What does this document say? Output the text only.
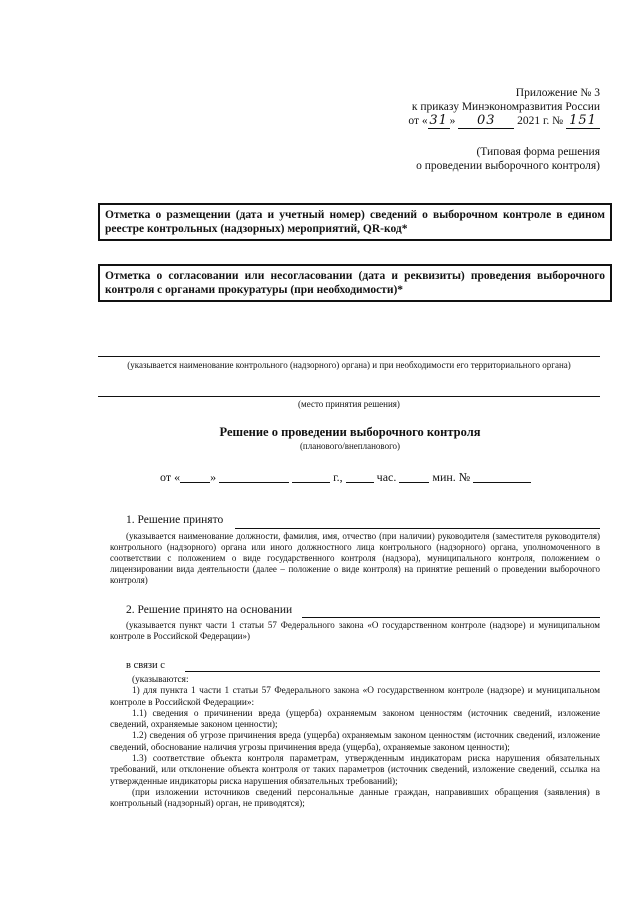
Приложение № 3
к приказу Минэкономразвития России
от « 31 » 03 2021 г. № 151
(Типовая форма решения
о проведении выборочного контроля)
Отметка о размещении (дата и учетный номер) сведений о выборочном контроле в едином реестре контрольных (надзорных) мероприятий, QR-код*
Отметка о согласовании или несогласовании (дата и реквизиты) проведения выборочного контроля с органами прокуратуры (при необходимости)*
(указывается наименование контрольного (надзорного) органа) и при необходимости его территориального органа)
(место принятия решения)
Решение о проведении выборочного контроля
(планового/внепланового)
от «	»	г.,	час.	мин. №
1. Решение принято
(указывается наименование должности, фамилия, имя, отчество (при наличии) руководителя (заместителя руководителя) контрольного (надзорного) органа или иного должностного лица контрольного (надзорного) органа, уполномоченного в соответствии с положением о виде государственного контроля (надзора), муниципального контроля, положением о лицензировании вида деятельности (далее – положение о виде контроля) на принятие решений о проведении выборочного контроля)
2. Решение принято на основании
(указывается пункт части 1 статьи 57 Федерального закона «О государственном контроле (надзоре) и муниципальном контроле в Российской Федерации»)
в связи с

(указываются:

1) для пункта 1 части 1 статьи 57 Федерального закона «О государственном контроле (надзоре) и муниципальном контроле в Российской Федерации»:

1.1) сведения о причинении вреда (ущерба) охраняемым законом ценностям (источник сведений, изложение сведений, охраняемые законом ценности);

1.2) сведения об угрозе причинения вреда (ущерба) охраняемым законом ценностям (источник сведений, изложение сведений, обоснование наличия угрозы причинения вреда (ущерба), охраняемые законом ценности);

1.3) соответствие объекта контроля параметрам, утвержденным индикаторам риска нарушения обязательных требований, или отклонение объекта контроля от таких параметров (источник сведений, изложение сведений, ссылка на утвержденные индикаторы риска нарушения обязательных требований);

(при изложении источников сведений персональные данные граждан, направивших обращения (заявления) в контрольный (надзорный) орган, не приводятся);
